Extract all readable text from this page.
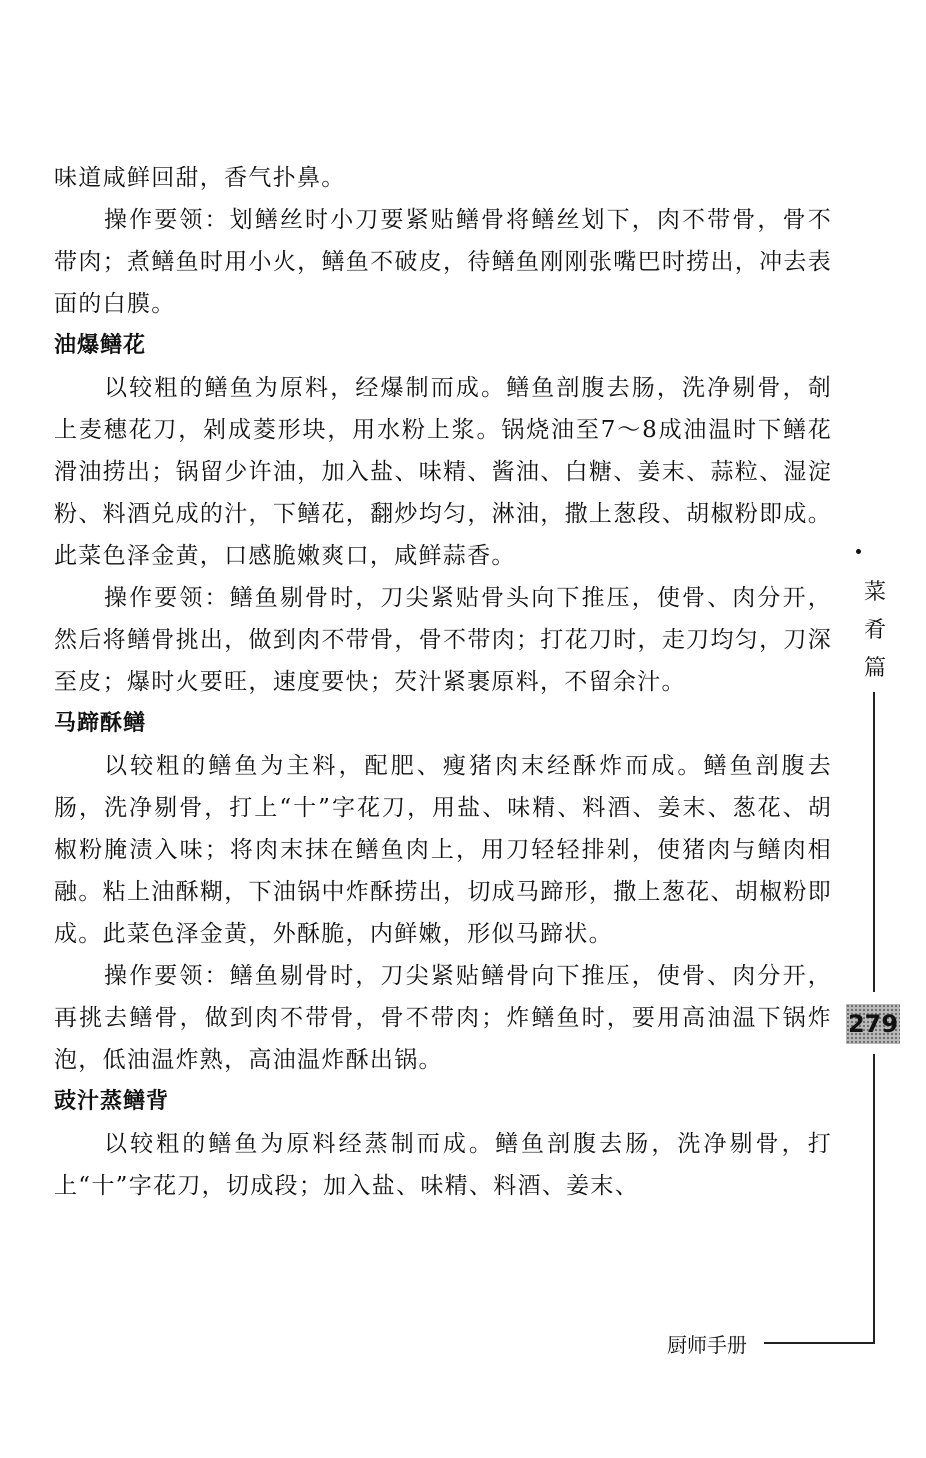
味道咸鲜回甜，香气扑鼻。

操作要领：划鳝丝时小刀要紧贴鳝骨将鳝丝划下，肉不带骨，骨不带肉；煮鳝鱼时用小火，鳝鱼不破皮，待鳝鱼刚刚张嘴巴时捞出，冲去表面的白膜。

油爆鳝花

以较粗的鳝鱼为原料，经爆制而成。鳝鱼剖腹去肠，洗净剔骨，剞上麦穗花刀，剁成菱形块，用水粉上浆。锅烧油至7～8成油温时下鳝花滑油捞出；锅留少许油，加入盐、味精、酱油、白糖、姜末、蒜粒、湿淀粉、料酒兑成的汁，下鳝花，翻炒均匀，淋油，撒上葱段、胡椒粉即成。此菜色泽金黄，口感脆嫩爽口，咸鲜蒜香。

操作要领：鳝鱼剔骨时，刀尖紧贴骨头向下推压，使骨、肉分开，然后将鳝骨挑出，做到肉不带骨，骨不带肉；打花刀时，走刀均匀，刀深至皮；爆时火要旺，速度要快；芡汁紧裹原料，不留余汁。

马蹄酥鳝

以较粗的鳝鱼为主料，配肥、瘦猪肉末经酥炸而成。鳝鱼剖腹去肠，洗净剔骨，打上“十”字花刀，用盐、味精、料酒、姜末、葱花、胡椒粉腌渍入味；将肉末抹在鳝鱼肉上，用刀轻轻排剁，使猪肉与鳝肉相融。粘上油酥糊，下油锅中炸酥捞出，切成马蹄形，撒上葱花、胡椒粉即成。此菜色泽金黄，外酥脆，内鲜嫩，形似马蹄状。

操作要领：鳝鱼剔骨时，刀尖紧贴鳝骨向下推压，使骨、肉分开，再挑去鳝骨，做到肉不带骨，骨不带肉；炸鳝鱼时，要用高油温下锅炸泡，低油温炸熟，高油温炸酥出锅。

豉汁蒸鳝背

以较粗的鳝鱼为原料经蒸制而成。鳝鱼剖腹去肠，洗净剔骨，打上“十”字花刀，切成段；加入盐、味精、料酒、姜末、

菜肴篇
279
厨师手册
